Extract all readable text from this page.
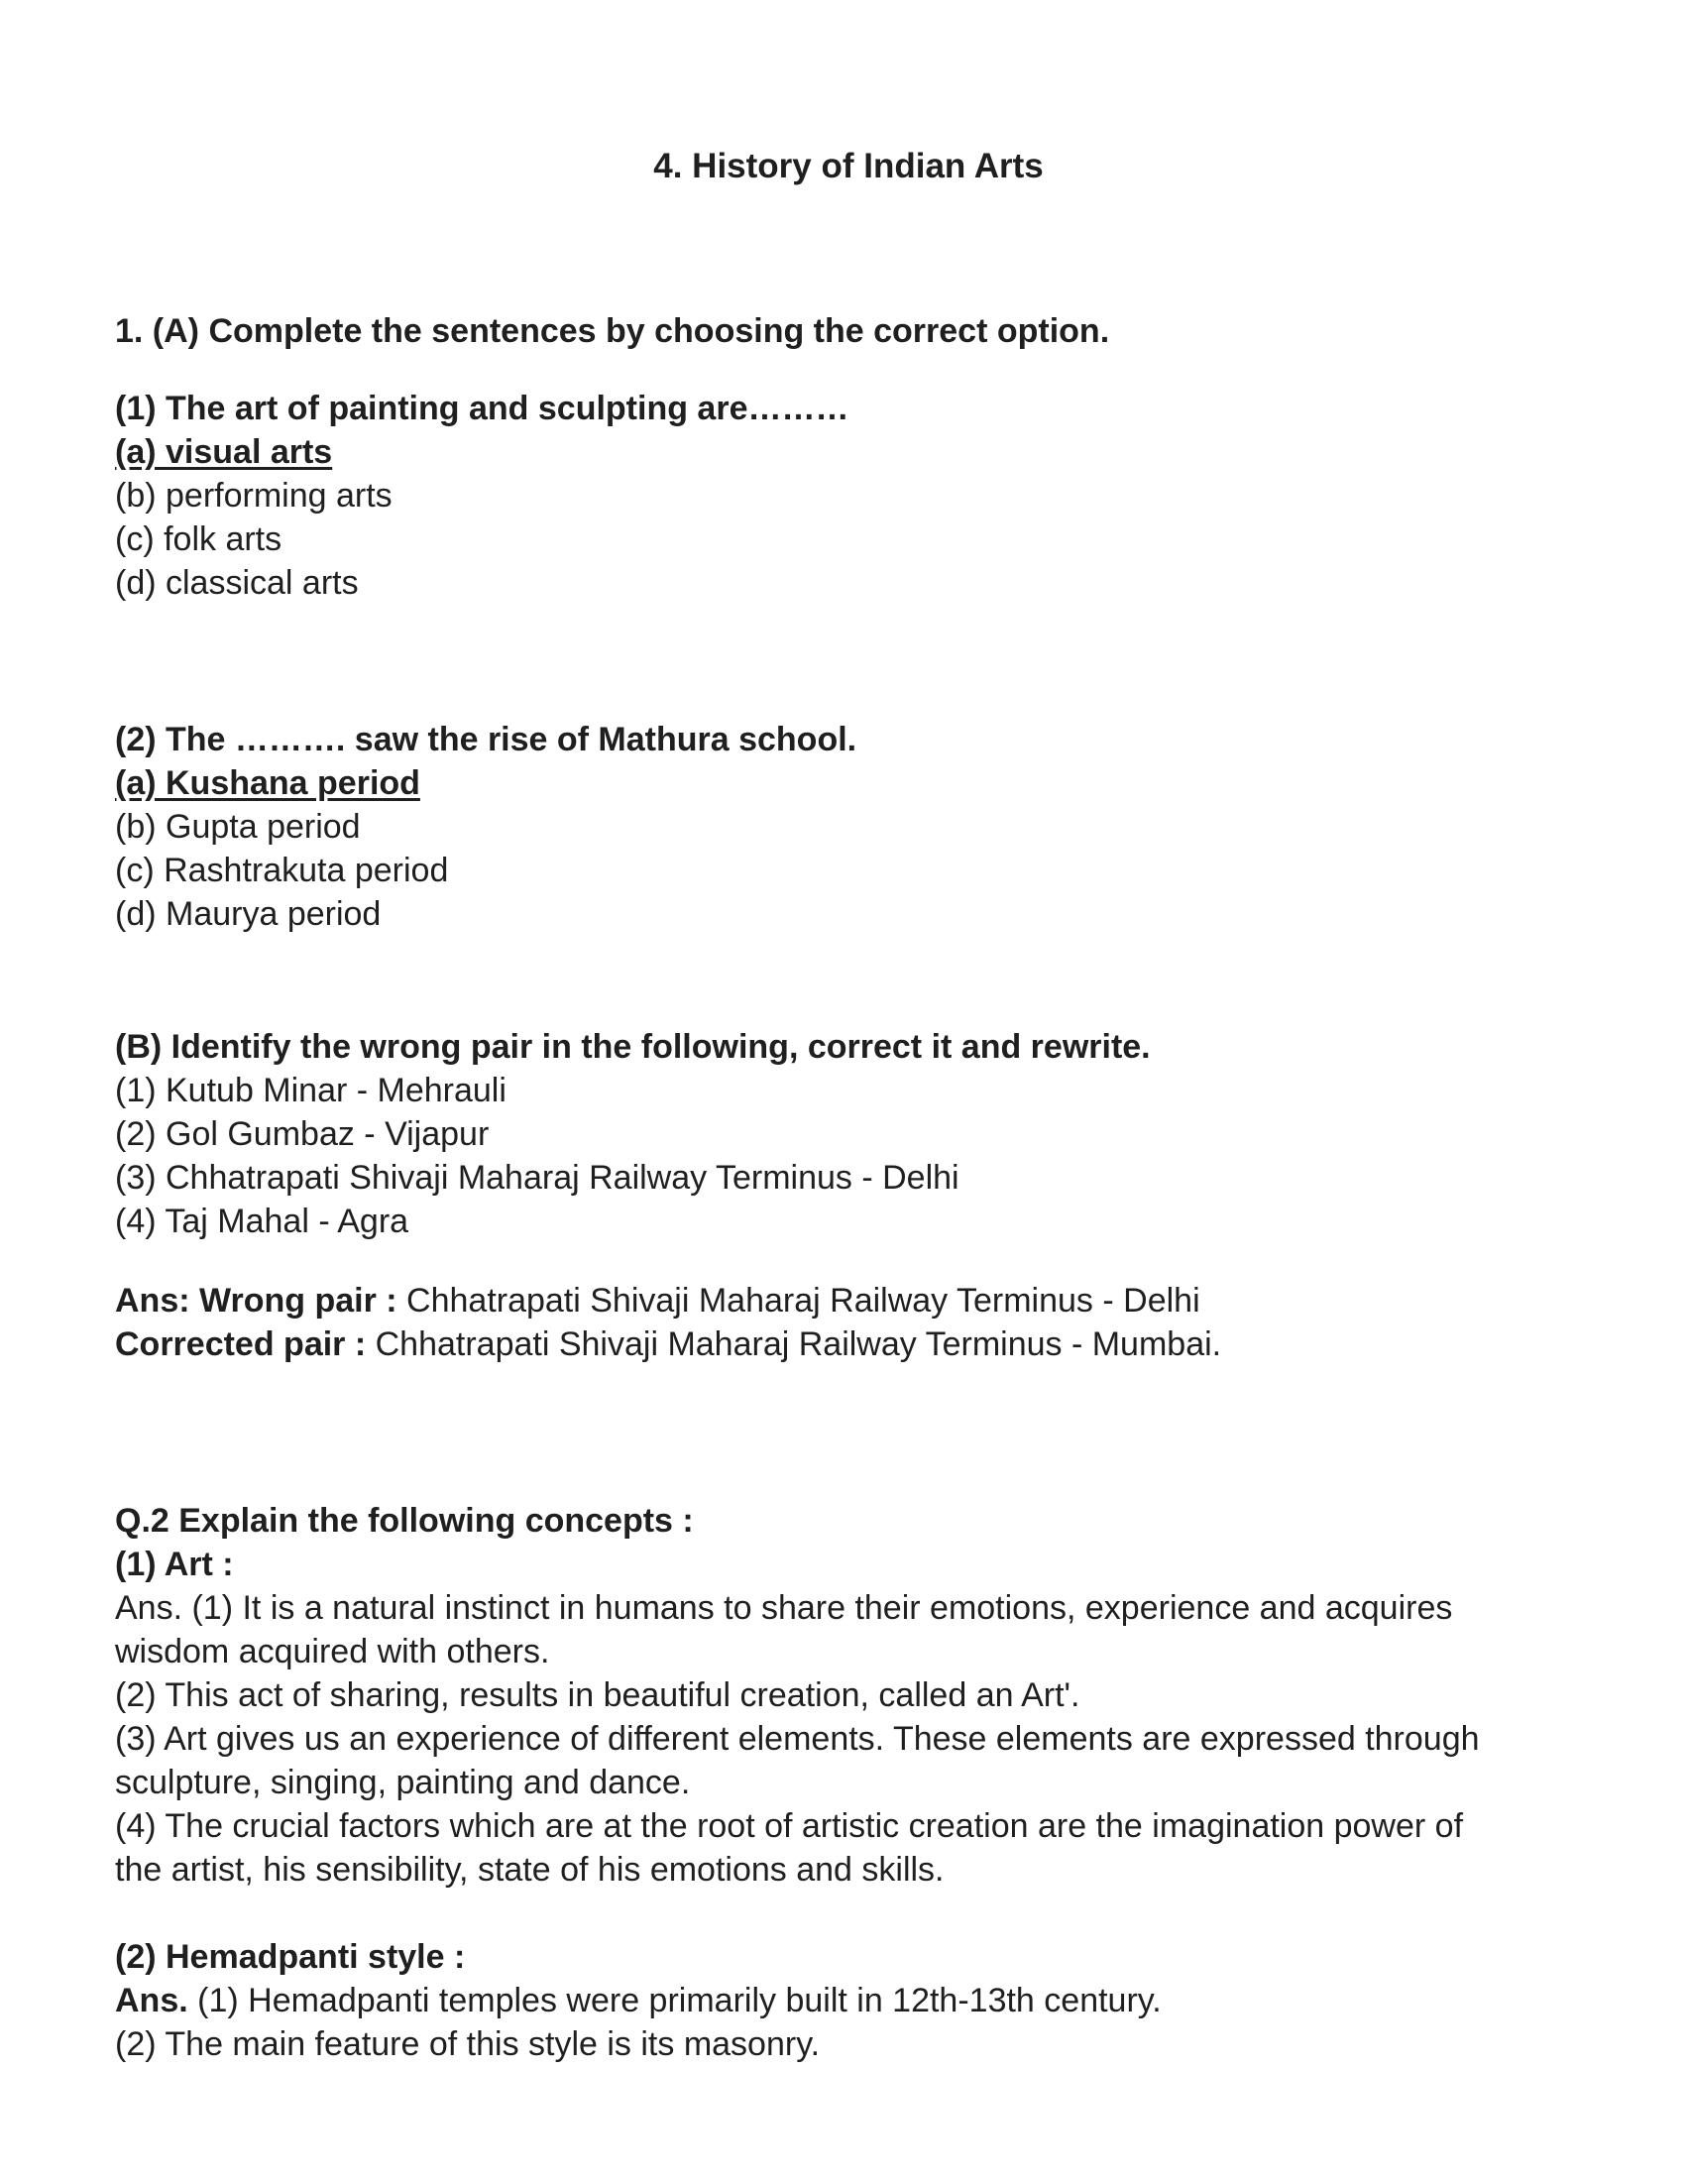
4. History of Indian Arts

1. (A) Complete the sentences by choosing the correct option.

(1) The art of painting and sculpting are………

(a) visual arts

(b) performing arts

(c) folk arts

(d) classical arts

(2) The ………. saw the rise of Mathura school.

(a) Kushana period

(b) Gupta period

(c) Rashtrakuta period

(d) Maurya period

(B) Identify the wrong pair in the following, correct it and rewrite.

(1) Kutub Minar - Mehrauli

(2) Gol Gumbaz - Vijapur

(3) Chhatrapati Shivaji Maharaj Railway Terminus - Delhi

(4) Taj Mahal - Agra

Ans: Wrong pair : Chhatrapati Shivaji Maharaj Railway Terminus - Delhi

Corrected pair : Chhatrapati Shivaji Maharaj Railway Terminus - Mumbai.

Q.2 Explain the following concepts :

(1) Art :

Ans. (1) It is a natural instinct in humans to share their emotions, experience and acquires

wisdom acquired with others.

(2) This act of sharing, results in beautiful creation, called an Art'.

(3) Art gives us an experience of different elements. These elements are expressed through

sculpture, singing, painting and dance.

(4) The crucial factors which are at the root of artistic creation are the imagination power of

the artist, his sensibility, state of his emotions and skills.

(2) Hemadpanti style :

Ans. (1) Hemadpanti temples were primarily built in 12th-13th century.

(2) The main feature of this style is its masonry.
